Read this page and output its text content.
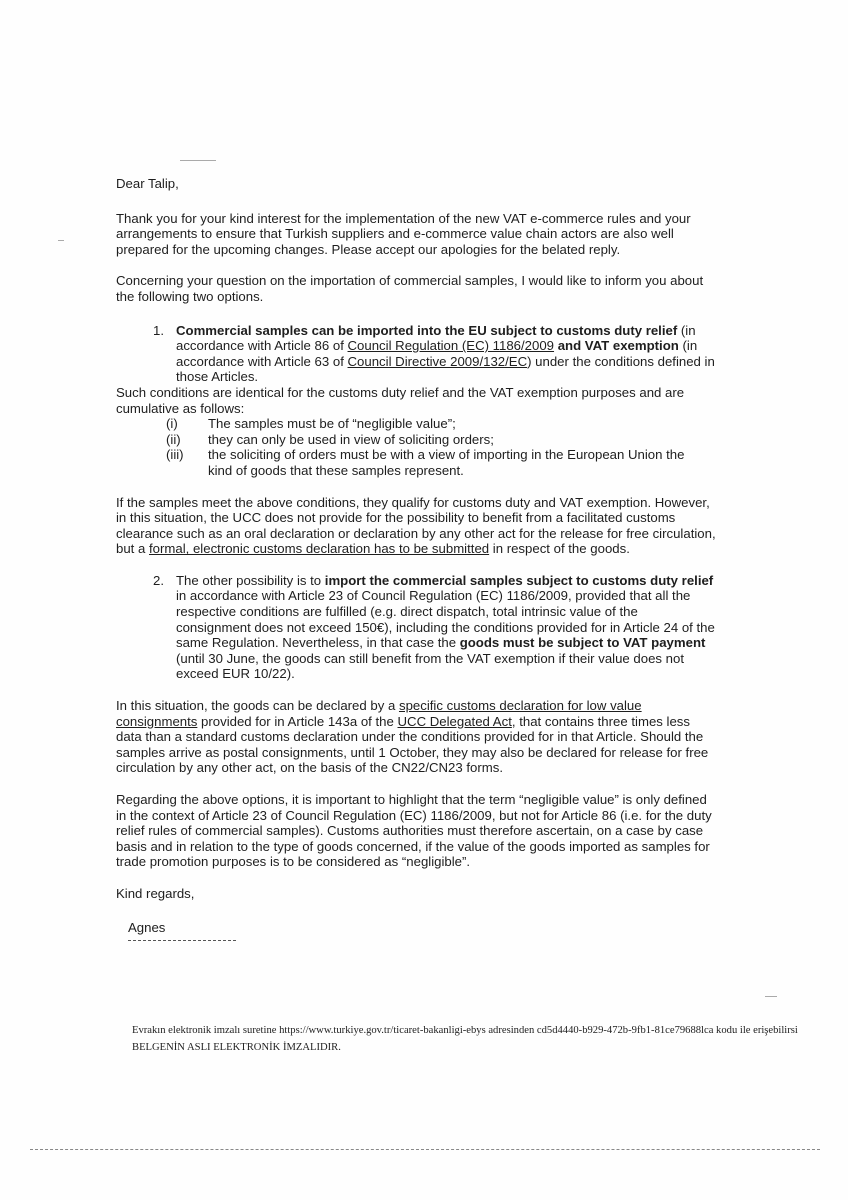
Dear Talip,

Thank you for your kind interest for the implementation of the new VAT e-commerce rules and your arrangements to ensure that Turkish suppliers and e-commerce value chain actors are also well prepared for the upcoming changes. Please accept our apologies for the belated reply.

Concerning your question on the importation of commercial samples, I would like to inform you about the following two options.

1. Commercial samples can be imported into the EU subject to customs duty relief (in accordance with Article 86 of Council Regulation (EC) 1186/2009 and VAT exemption (in accordance with Article 63 of Council Directive 2009/132/EC) under the conditions defined in those Articles.
Such conditions are identical for the customs duty relief and the VAT exemption purposes and are cumulative as follows:
(i)	The samples must be of “negligible value”;
(ii)	they can only be used in view of soliciting orders;
(iii)	the soliciting of orders must be with a view of importing in the European Union the kind of goods that these samples represent.

If the samples meet the above conditions, they qualify for customs duty and VAT exemption. However, in this situation, the UCC does not provide for the possibility to benefit from a facilitated customs clearance such as an oral declaration or declaration by any other act for the release for free circulation, but a formal, electronic customs declaration has to be submitted in respect of the goods.

2. The other possibility is to import the commercial samples subject to customs duty relief in accordance with Article 23 of Council Regulation (EC) 1186/2009, provided that all the respective conditions are fulfilled (e.g. direct dispatch, total intrinsic value of the consignment does not exceed 150€), including the conditions provided for in Article 24 of the same Regulation. Nevertheless, in that case the goods must be subject to VAT payment (until 30 June, the goods can still benefit from the VAT exemption if their value does not exceed EUR 10/22).

In this situation, the goods can be declared by a specific customs declaration for low value consignments provided for in Article 143a of the UCC Delegated Act, that contains three times less data than a standard customs declaration under the conditions provided for in that Article. Should the samples arrive as postal consignments, until 1 October, they may also be declared for release for free circulation by any other act, on the basis of the CN22/CN23 forms.

Regarding the above options, it is important to highlight that the term “negligible value” is only defined in the context of Article 23 of Council Regulation (EC) 1186/2009, but not for Article 86 (i.e. for the duty relief rules of commercial samples). Customs authorities must therefore ascertain, on a case by case basis and in relation to the type of goods concerned, if the value of the goods imported as samples for trade promotion purposes is to be considered as “negligible”.

Kind regards,

Agnes
Evrakın elektronik imzalı suretine https://www.turkiye.gov.tr/ticaret-bakanligi-ebys adresinden cd5d4440-b929-472b-9fb1-81ce79688lca kodu ile erişebilirsi
BELGENİN ASLI ELEKTRONİK İMZALIDIR.
